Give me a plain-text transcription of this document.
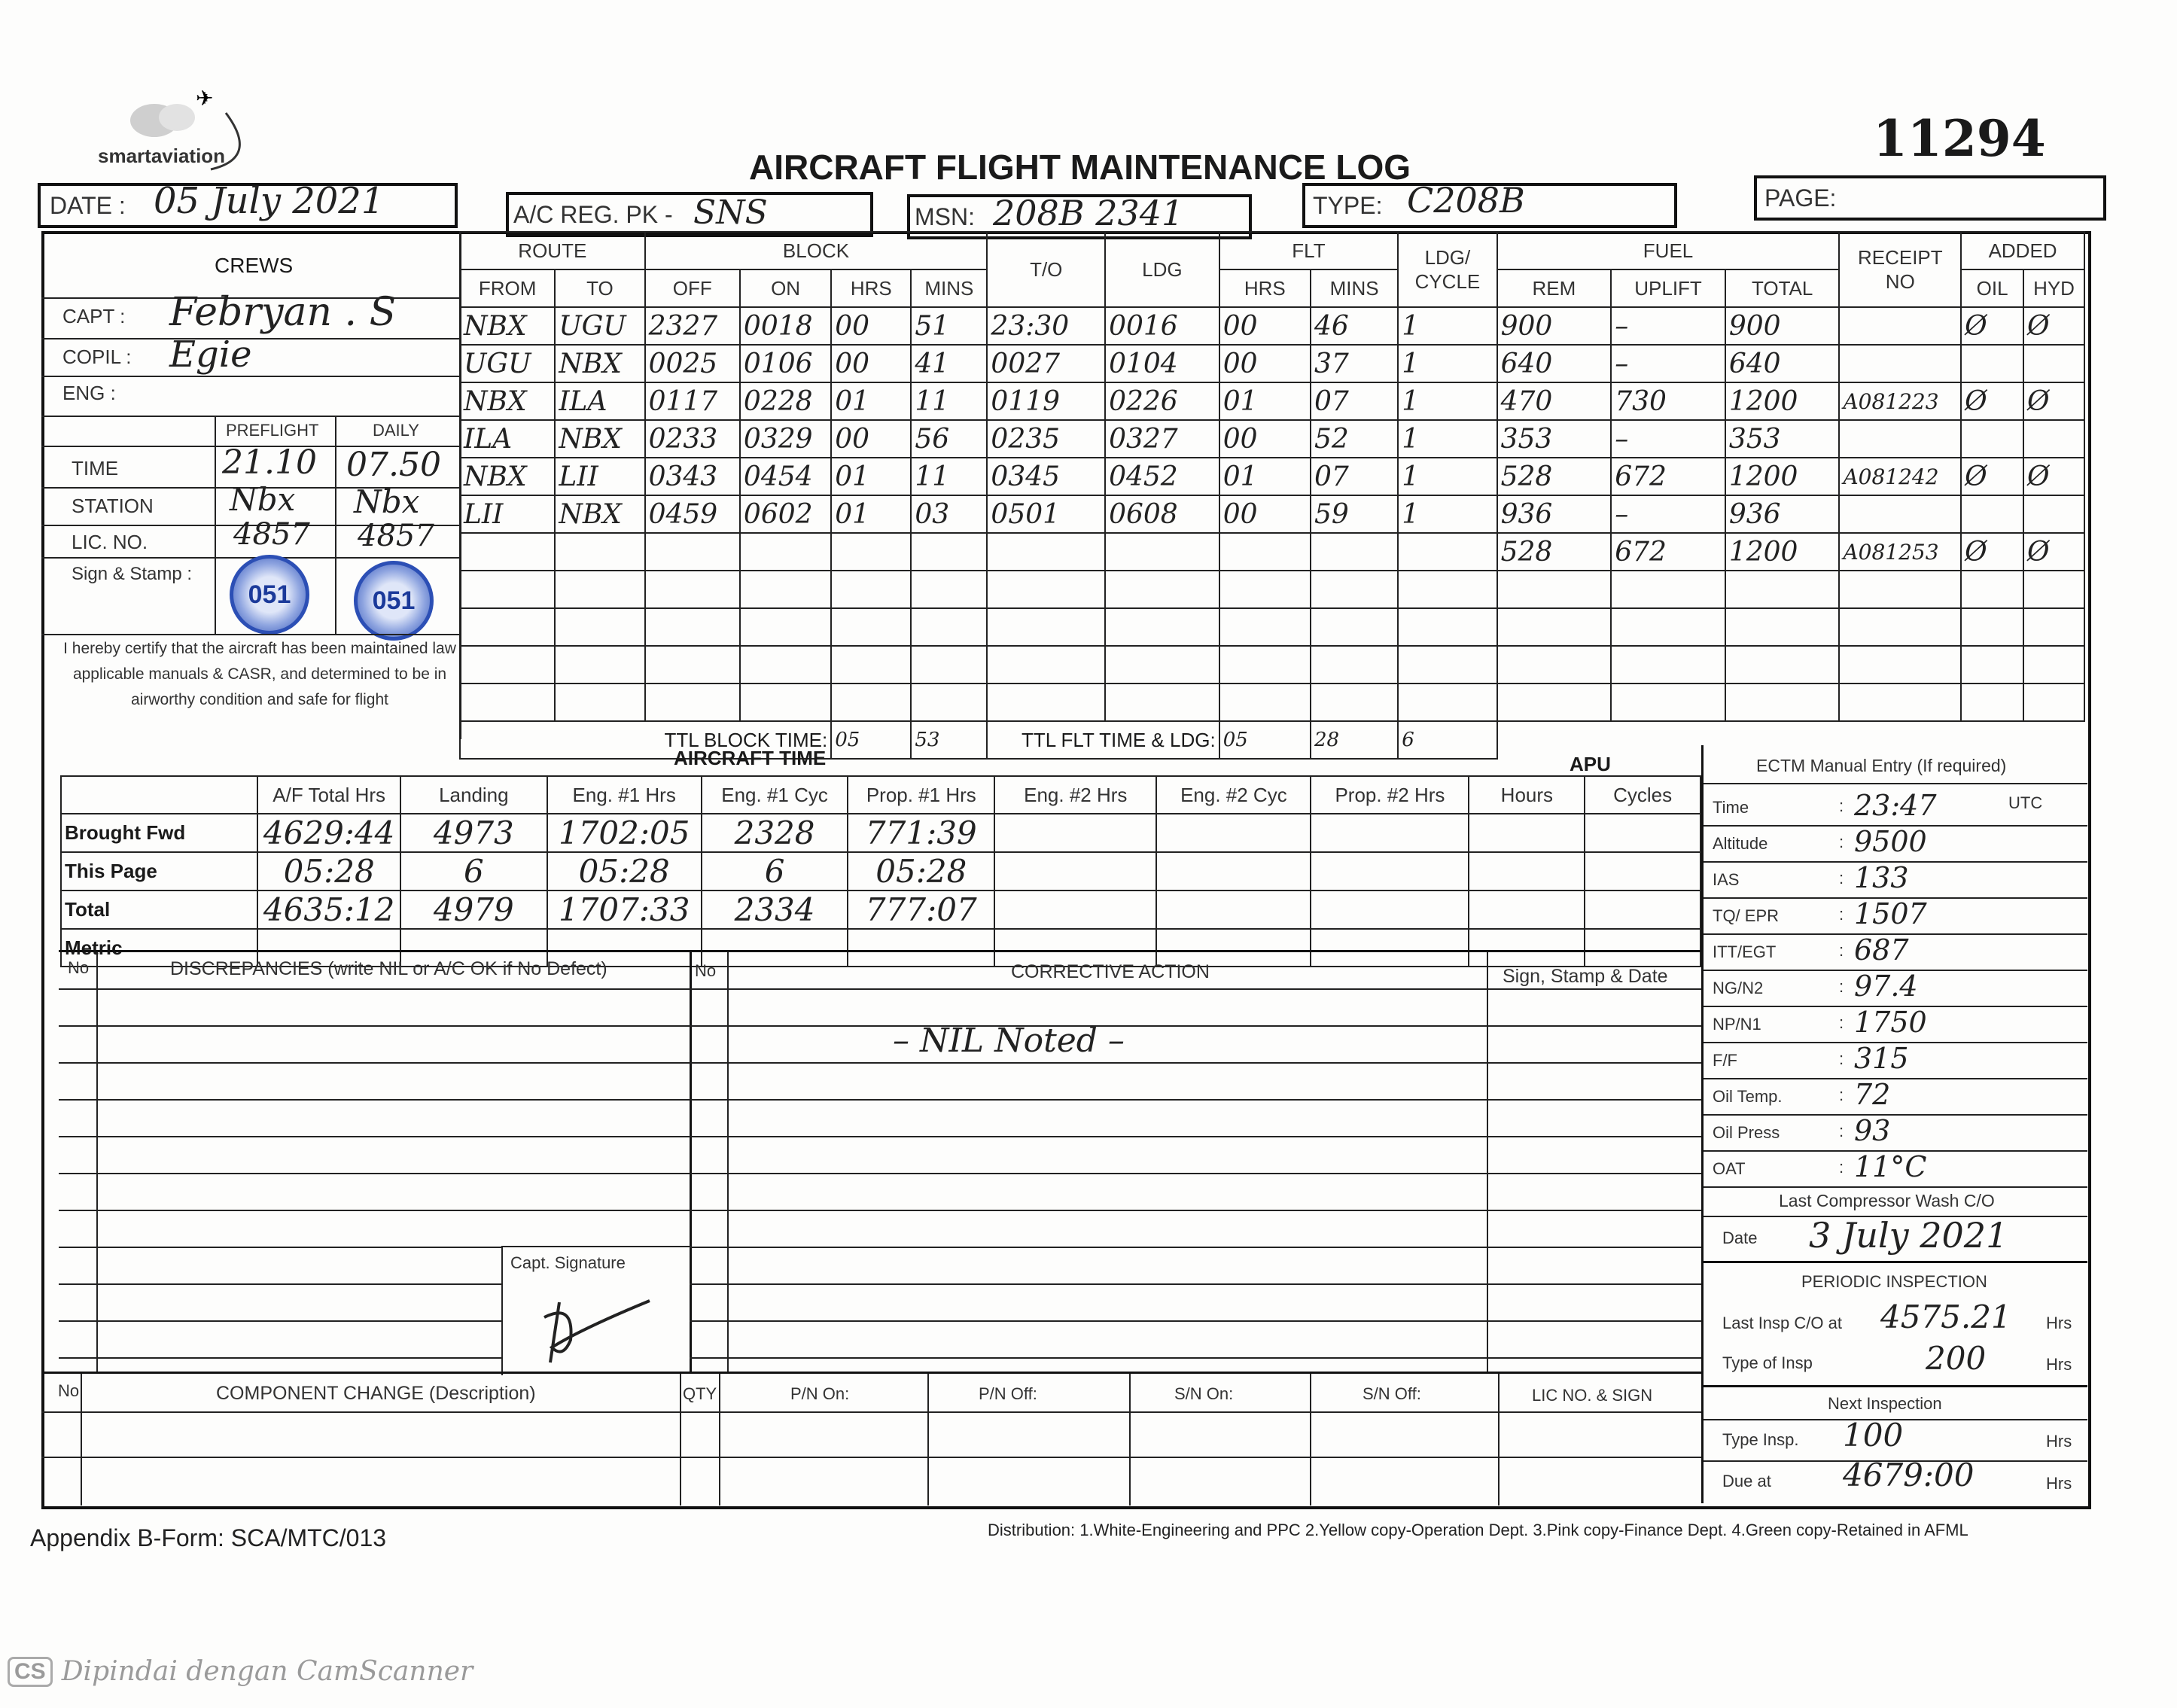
✈
smartaviation	AIRCRAFT FLIGHT MAINTENANCE LOG	11294
DATE : 05 July 2021	A/C REG. PK - SNS	MSN: 208B 2341	TYPE: C208B	PAGE:
CREWS
CAPT : Febryan . S
COPIL : Egie
ENG :
PREFLIGHT	DAILY
TIME	21.10 07.50
STATION Nbx Nbx
LIC. NO.	4857 4857
Sign & Stamp :
051	051
I hereby certify that the aircraft has been maintained law applicable manuals & CASR, and determined to be in airworthy condition and safe for flight
ROUTE		BLOCK				T/O	LDG	FLT		LDG/ CYCLE	FUEL			RECEIPT NO	ADDED	
FROM	TO	OFF	ON	HRS	MINS			HRS	MINS		REM	UPLIFT	TOTAL		OIL	HYD
NBX	UGU	2327	0018	00	51	23:30	0016	00	46	1	900	–	900		Ø	Ø
UGU	NBX	0025	0106	00	41	0027	0104	00	37	1	640	–	640			
NBX	ILA	0117	0228	01	11	0119	0226	01	07	1	470	730	1200	A081223	Ø	Ø
ILA	NBX	0233	0329	00	56	0235	0327	00	52	1	353	–	353			
NBX	LII	0343	0454	01	11	0345	0452	01	07	1	528	672	1200	A081242	Ø	Ø
LII	NBX	0459	0602	01	03	0501	0608	00	59	1	936	–	936			
											528	672	1200	A081253	Ø	Ø

TTL BLOCK TIME:				05	53	TTL FLT TIME & LDG:		05	28	6						
AIRCRAFT TIME	APU
	A/F Total Hrs	Landing	Eng. #1 Hrs	Eng. #1 Cyc	Prop. #1 Hrs	Eng. #2 Hrs	Eng. #2 Cyc	Prop. #2 Hrs	Hours	Cycles
Brought Fwd	4629:44	4973	1702:05	2328	771:39					
This Page	05:28	6	05:28	6	05:28					
Total	4635:12	4979	1707:33	2334	777:07					
Metric										
ECTM Manual Entry (If required)
UTC
Time	: 23:47
Altitude	: 9500
IAS	: 133
TQ/ EPR	: 1507
ITT/EGT	: 687
NG/N2	: 97.4
NP/N1	: 1750
F/F	: 315
Oil Temp.	: 72
Oil Press	: 93
OAT	: 11°C
Last Compressor Wash C/O
Date 3 July 2021
PERIODIC INSPECTION
Last Insp C/O at 4575.21 Hrs
Type of Insp	200	Hrs
Next Inspection
Type Insp. 100	Hrs
Due at 4679:00	Hrs
No	DISCREPANCIES (write NIL or A/C OK if No Defect)	No	CORRECTIVE ACTION	Sign, Stamp & Date
– NIL Noted –
Capt. Signature
No	COMPONENT CHANGE (Description)	QTY	P/N On:	P/N Off:	S/N On:	S/N Off:	LIC NO. & SIGN
Appendix B-Form: SCA/MTC/013	Distribution: 1.White-Engineering and PPC 2.Yellow copy-Operation Dept. 3.Pink copy-Finance Dept. 4.Green copy-Retained in AFML
CS Dipindai dengan CamScanner
